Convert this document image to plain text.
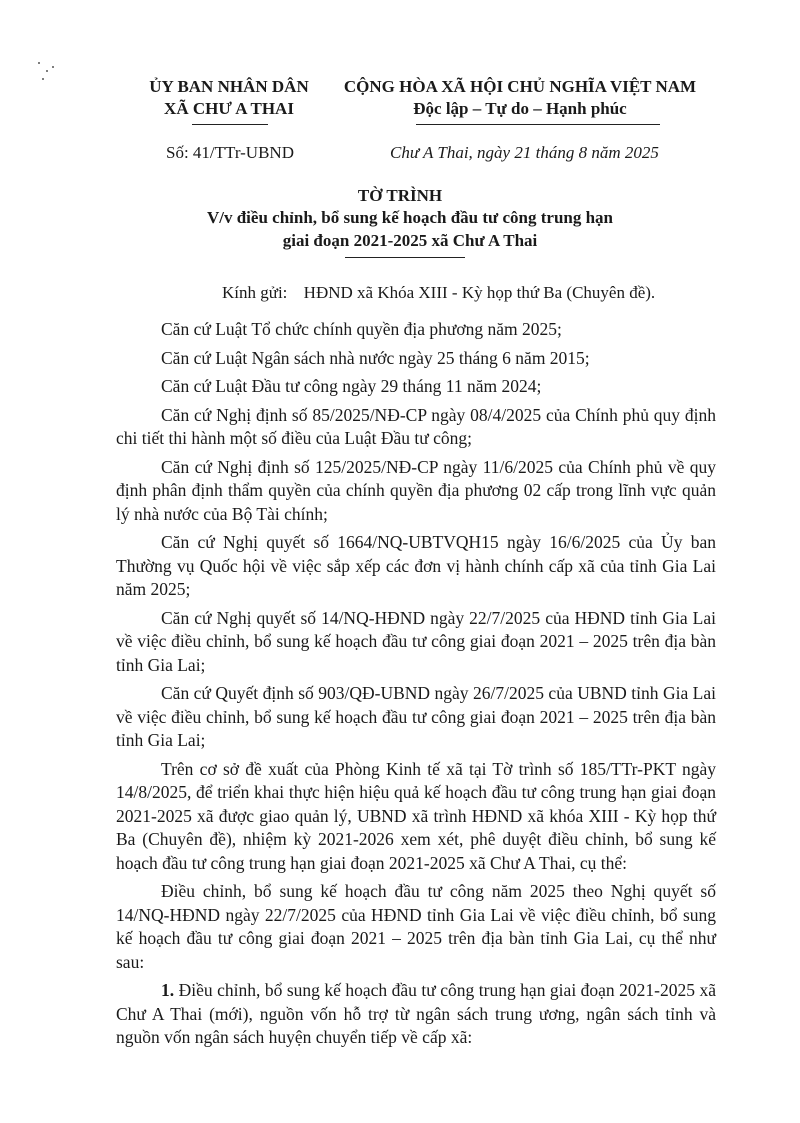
ỦY BAN NHÂN DÂN
XÃ CHƯ A THAI
CỘNG HÒA XÃ HỘI CHỦ NGHĨA VIỆT NAM
Độc lập – Tự do – Hạnh phúc
Số: 41/TTr-UBND	Chư A Thai, ngày 21 tháng 8 năm 2025
TỜ TRÌNH
V/v điều chỉnh, bổ sung kế hoạch đầu tư công trung hạn
giai đoạn 2021-2025 xã Chư A Thai
Kính gửi: HĐND xã Khóa XIII - Kỳ họp thứ Ba (Chuyên đề).

Căn cứ Luật Tổ chức chính quyền địa phương năm 2025;

Căn cứ Luật Ngân sách nhà nước ngày 25 tháng 6 năm 2015;

Căn cứ Luật Đầu tư công ngày 29 tháng 11 năm 2024;

Căn cứ Nghị định số 85/2025/NĐ-CP ngày 08/4/2025 của Chính phủ quy định chi tiết thi hành một số điều của Luật Đầu tư công;

Căn cứ Nghị định số 125/2025/NĐ-CP ngày 11/6/2025 của Chính phủ về quy định phân định thẩm quyền của chính quyền địa phương 02 cấp trong lĩnh vực quản lý nhà nước của Bộ Tài chính;

Căn cứ Nghị quyết số 1664/NQ-UBTVQH15 ngày 16/6/2025 của Ủy ban Thường vụ Quốc hội về việc sắp xếp các đơn vị hành chính cấp xã của tỉnh Gia Lai năm 2025;

Căn cứ Nghị quyết số 14/NQ-HĐND ngày 22/7/2025 của HĐND tỉnh Gia Lai về việc điều chỉnh, bổ sung kế hoạch đầu tư công giai đoạn 2021 – 2025 trên địa bàn tỉnh Gia Lai;

Căn cứ Quyết định số 903/QĐ-UBND ngày 26/7/2025 của UBND tỉnh Gia Lai về việc điều chỉnh, bổ sung kế hoạch đầu tư công giai đoạn 2021 – 2025 trên địa bàn tỉnh Gia Lai;

Trên cơ sở đề xuất của Phòng Kinh tế xã tại Tờ trình số 185/TTr-PKT ngày 14/8/2025, để triển khai thực hiện hiệu quả kế hoạch đầu tư công trung hạn giai đoạn 2021-2025 xã được giao quản lý, UBND xã trình HĐND xã khóa XIII - Kỳ họp thứ Ba (Chuyên đề), nhiệm kỳ 2021-2026 xem xét, phê duyệt điều chỉnh, bổ sung kế hoạch đầu tư công trung hạn giai đoạn 2021-2025 xã Chư A Thai, cụ thể:

Điều chỉnh, bổ sung kế hoạch đầu tư công năm 2025 theo Nghị quyết số 14/NQ-HĐND ngày 22/7/2025 của HĐND tỉnh Gia Lai về việc điều chỉnh, bổ sung kế hoạch đầu tư công giai đoạn 2021 – 2025 trên địa bàn tỉnh Gia Lai, cụ thể như sau:

1. Điều chỉnh, bổ sung kế hoạch đầu tư công trung hạn giai đoạn 2021-2025 xã Chư A Thai (mới), nguồn vốn hỗ trợ từ ngân sách trung ương, ngân sách tỉnh và nguồn vốn ngân sách huyện chuyển tiếp về cấp xã:
